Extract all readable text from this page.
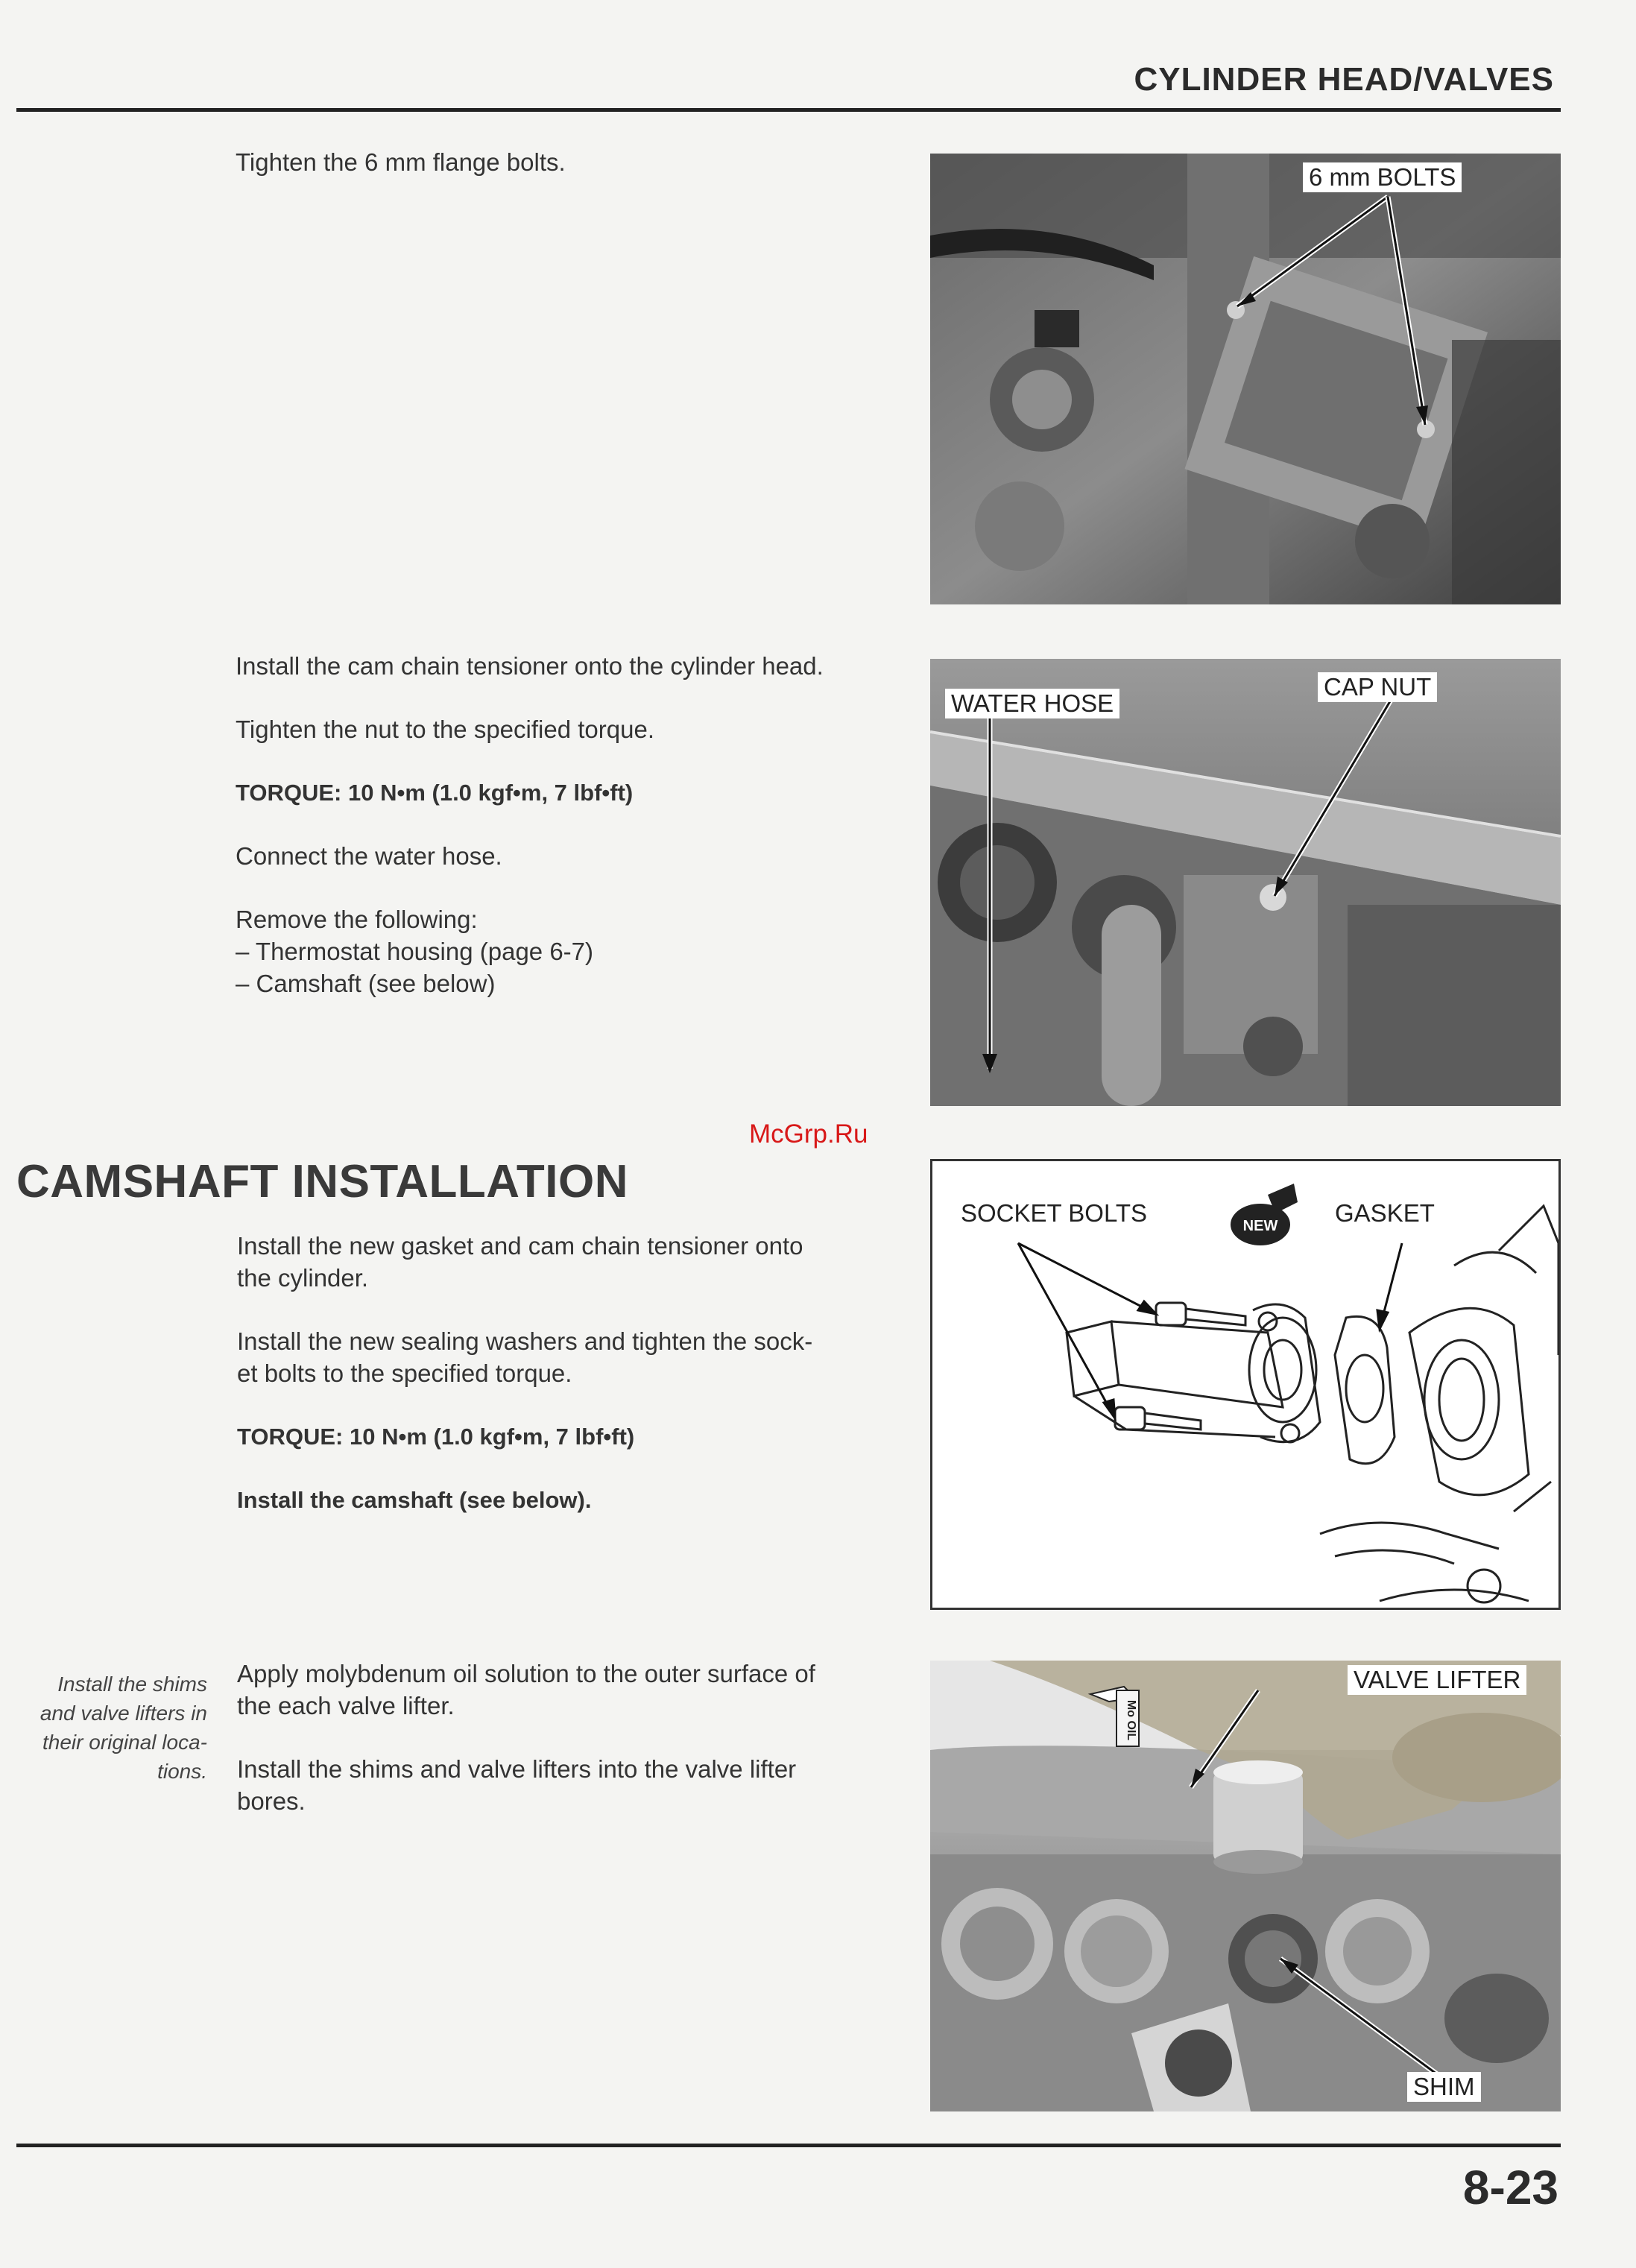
CYLINDER HEAD/VALVES

Tighten the 6 mm flange bolts.

6 mm BOLTS

Install the cam chain tensioner onto the cylinder head.

Tighten the nut to the specified torque.

TORQUE: 10 N•m (1.0 kgf•m, 7 lbf•ft)

Connect the water hose.

Remove the following:

– Thermostat housing (page 6-7)

– Camshaft (see below)

WATER HOSE
CAP NUT
McGrp.Ru
CAMSHAFT INSTALLATION

Install the new gasket and cam chain tensioner onto

the cylinder.

Install the new sealing washers and tighten the sock-

et bolts to the specified torque.

TORQUE: 10 N•m (1.0 kgf•m, 7 lbf•ft)

Install the camshaft (see below).

NEW
SOCKET BOLTS	GASKET
Install the shims
and valve lifters in
their original loca-
tions.

Apply molybdenum oil solution to the outer surface of

the each valve lifter.

Install the shims and valve lifters into the valve lifter

bores.

Mo OIL
VALVE LIFTER
SHIM
8-23
